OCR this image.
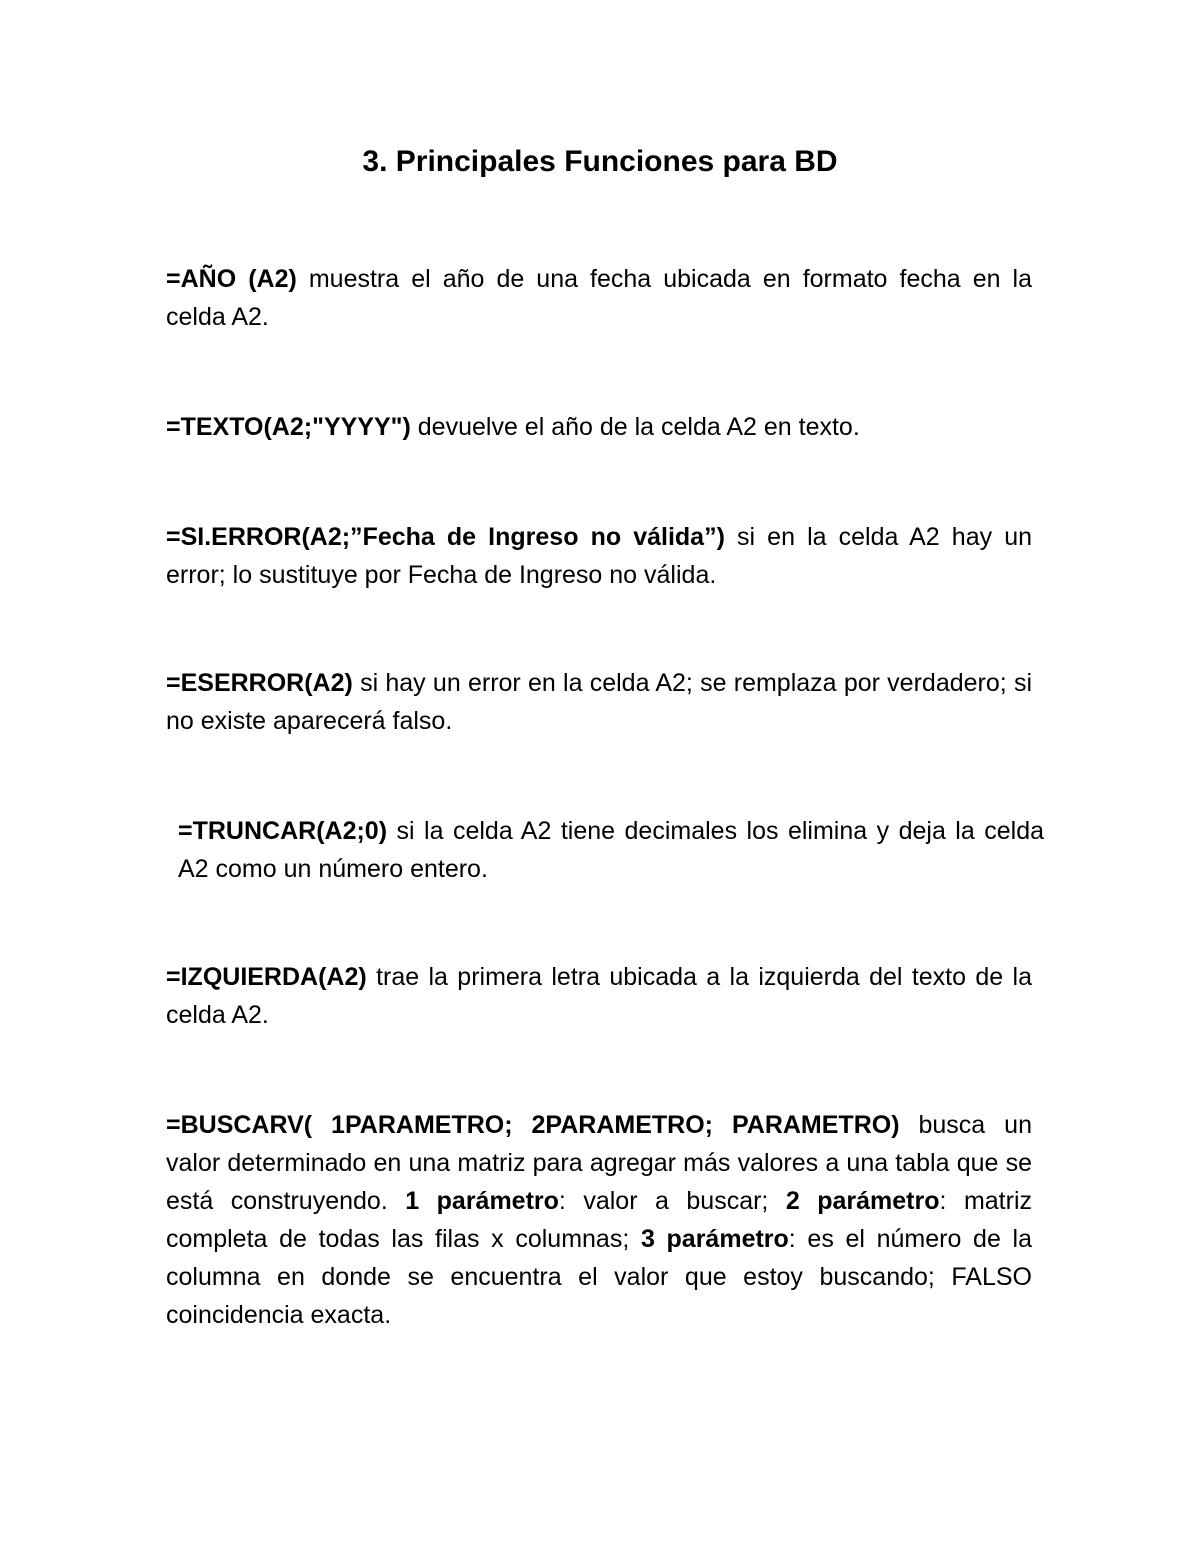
3. Principales Funciones para BD

=AÑO (A2) muestra el año de una fecha ubicada en formato fecha en la celda A2.

=TEXTO(A2;"YYYY") devuelve el año de la celda A2 en texto.

=SI.ERROR(A2;”Fecha de Ingreso no válida”) si en la celda A2 hay un error; lo sustituye por Fecha de Ingreso no válida.

=ESERROR(A2) si hay un error en la celda A2; se remplaza por verdadero; si no existe aparecerá falso.

=TRUNCAR(A2;0) si la celda A2 tiene decimales los elimina y deja la celda A2 como un número entero.

=IZQUIERDA(A2) trae la primera letra ubicada a la izquierda del texto de la celda A2.

=BUSCARV( 1PARAMETRO; 2PARAMETRO; PARAMETRO) busca un valor determinado en una matriz para agregar más valores a una tabla que se está construyendo. 1 parámetro: valor a buscar; 2 parámetro: matriz completa de todas las filas x columnas; 3 parámetro: es el número de la columna en donde se encuentra el valor que estoy buscando; FALSO coincidencia exacta.
